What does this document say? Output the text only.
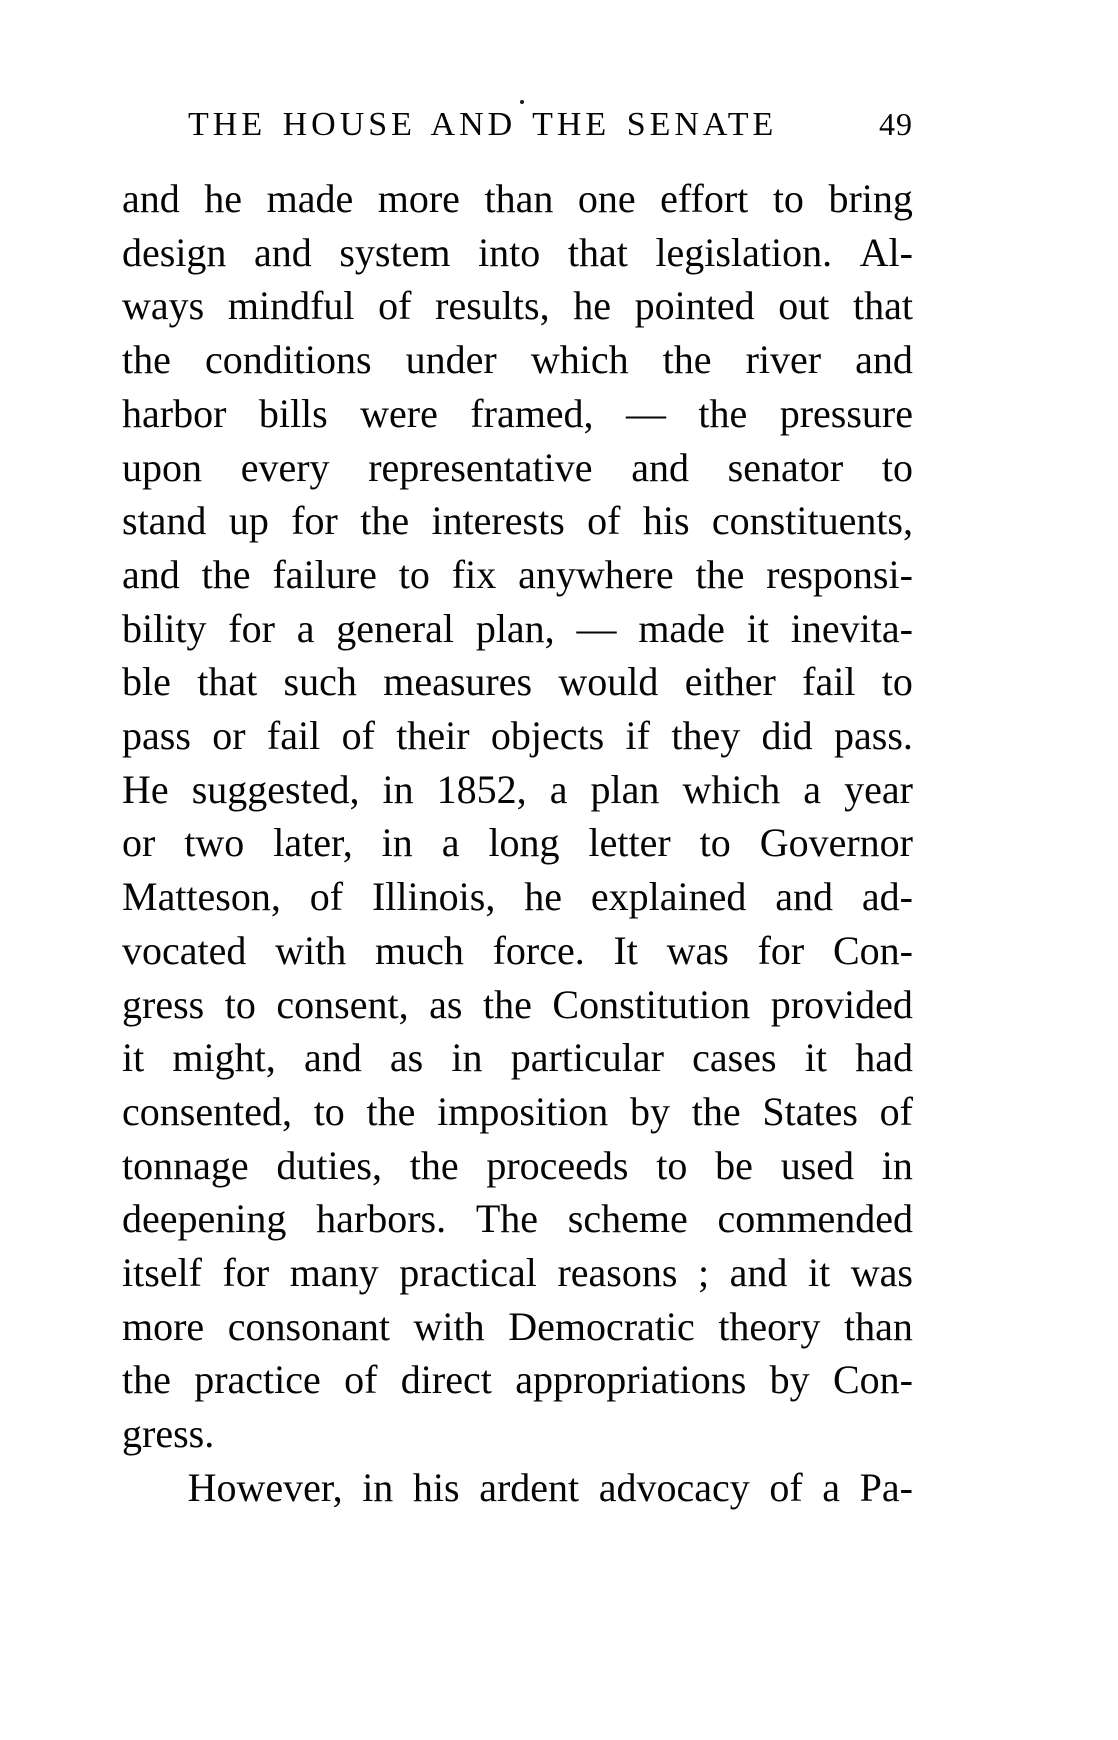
THE HOUSE AND THE SENATE	49
and he made more than one effort to bring
design and system into that legislation. Al-
ways mindful of results, he pointed out that
the conditions under which the river and
harbor bills were framed, — the pressure
upon every representative and senator to
stand up for the interests of his constituents,
and the failure to fix anywhere the responsi-
bility for a general plan, — made it inevita-
ble that such measures would either fail to
pass or fail of their objects if they did pass.
He suggested, in 1852, a plan which a year
or two later, in a long letter to Governor
Matteson, of Illinois, he explained and ad-
vocated with much force. It was for Con-
gress to consent, as the Constitution provided
it might, and as in particular cases it had
consented, to the imposition by the States of
tonnage duties, the proceeds to be used in
deepening harbors. The scheme commended
itself for many practical reasons ; and it was
more consonant with Democratic theory than
the practice of direct appropriations by Con-
gress.
However, in his ardent advocacy of a Pa-
